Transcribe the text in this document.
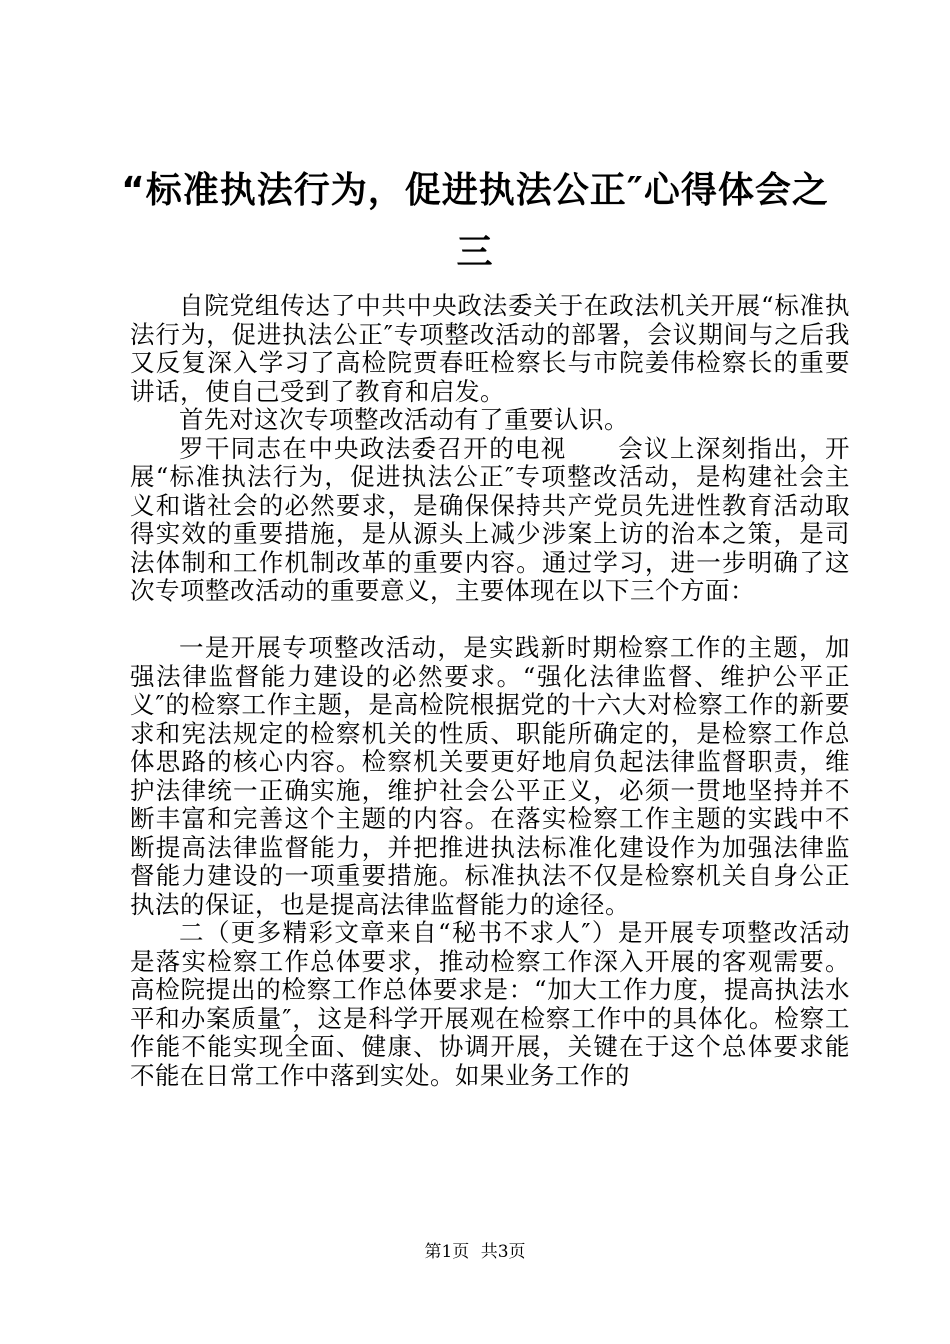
“标准执法行为，促进执法公正″心得体会之三

自院党组传达了中共中央政法委关于在政法机关开展“标准执法行为，促进执法公正″专项整改活动的部署，会议期间与之后我又反复深入学习了高检院贾春旺检察长与市院姜伟检察长的重要讲话，使自己受到了教育和启发。

首先对这次专项整改活动有了重要认识。

罗干同志在中央政法委召开的电视　　会议上深刻指出，开展“标准执法行为，促进执法公正″专项整改活动，是构建社会主义和谐社会的必然要求，是确保保持共产党员先进性教育活动取得实效的重要措施，是从源头上减少涉案上访的治本之策，是司法体制和工作机制改革的重要内容。通过学习，进一步明确了这次专项整改活动的重要意义，主要体现在以下三个方面：

一是开展专项整改活动，是实践新时期检察工作的主题，加强法律监督能力建设的必然要求。“强化法律监督、维护公平正义″的检察工作主题，是高检院根据党的十六大对检察工作的新要求和宪法规定的检察机关的性质、职能所确定的，是检察工作总体思路的核心内容。检察机关要更好地肩负起法律监督职责，维护法律统一正确实施，维护社会公平正义，必须一贯地坚持并不断丰富和完善这个主题的内容。在落实检察工作主题的实践中不断提高法律监督能力，并把推进执法标准化建设作为加强法律监督能力建设的一项重要措施。标准执法不仅是检察机关自身公正执法的保证，也是提高法律监督能力的途径。

二（更多精彩文章来自“秘书不求人″）是开展专项整改活动是落实检察工作总体要求，推动检察工作深入开展的客观需要。高检院提出的检察工作总体要求是：“加大工作力度，提高执法水平和办案质量″，这是科学开展观在检察工作中的具体化。检察工作能不能实现全面、健康、协调开展，关键在于这个总体要求能不能在日常工作中落到实处。如果业务工作的

第1页 共3页
